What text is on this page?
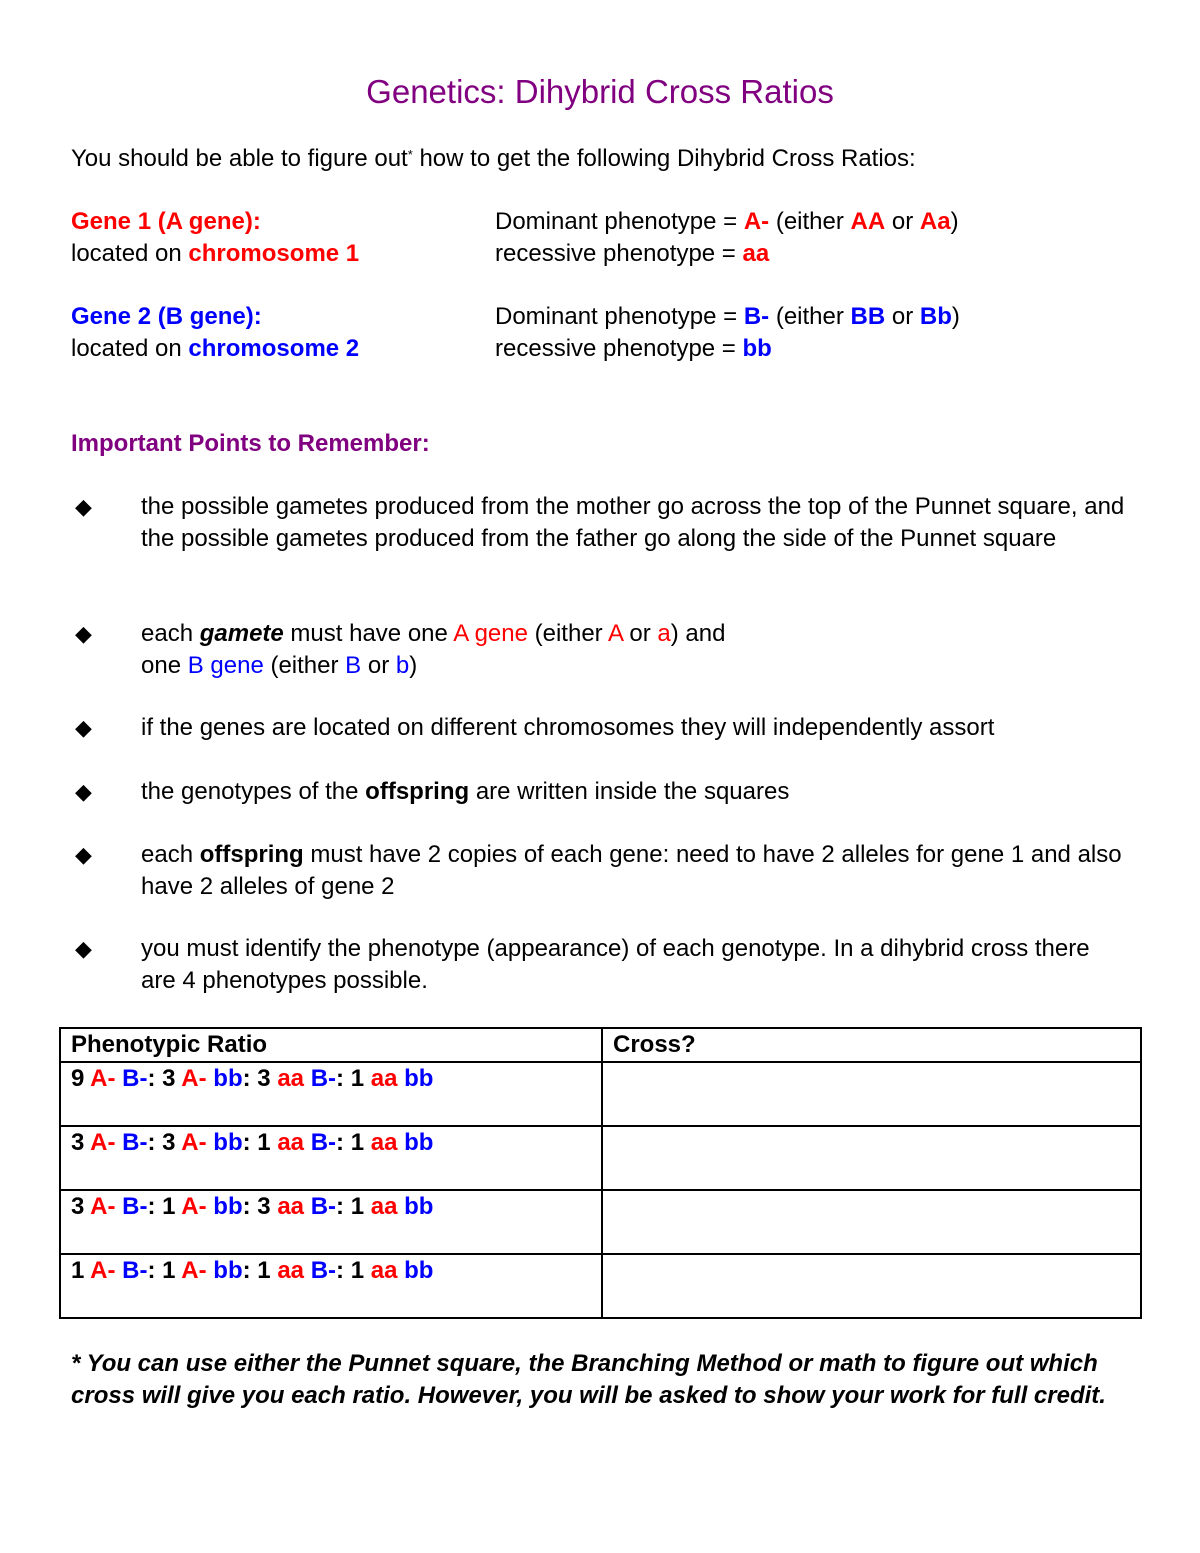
Genetics: Dihybrid Cross Ratios
You should be able to figure out* how to get the following Dihybrid Cross Ratios:
Gene 1 (A gene):
located on chromosome 1
Dominant phenotype = A- (either AA or Aa)
recessive phenotype = aa
Gene 2 (B gene):
located on chromosome 2
Dominant phenotype = B- (either BB or Bb)
recessive phenotype = bb
Important Points to Remember:
◆ the possible gametes produced from the mother go across the top of the Punnet square, and the possible gametes produced from the father go along the side of the Punnet square
◆ each gamete must have one A gene (either A or a) and
one B gene (either B or b)
◆ if the genes are located on different chromosomes they will independently assort
◆ the genotypes of the offspring are written inside the squares
◆ each offspring must have 2 copies of each gene: need to have 2 alleles for gene 1 and also have 2 alleles of gene 2
◆ you must identify the phenotype (appearance) of each genotype. In a dihybrid cross there are 4 phenotypes possible.
Phenotypic Ratio	Cross?
9 A- B-: 3 A- bb: 3 aa B-: 1 aa bb	
3 A- B-: 3 A- bb: 1 aa B-: 1 aa bb	
3 A- B-: 1 A- bb: 3 aa B-: 1 aa bb	
1 A- B-: 1 A- bb: 1 aa B-: 1 aa bb	
* You can use either the Punnet square, the Branching Method or math to figure out which cross will give you each ratio. However, you will be asked to show your work for full credit.
